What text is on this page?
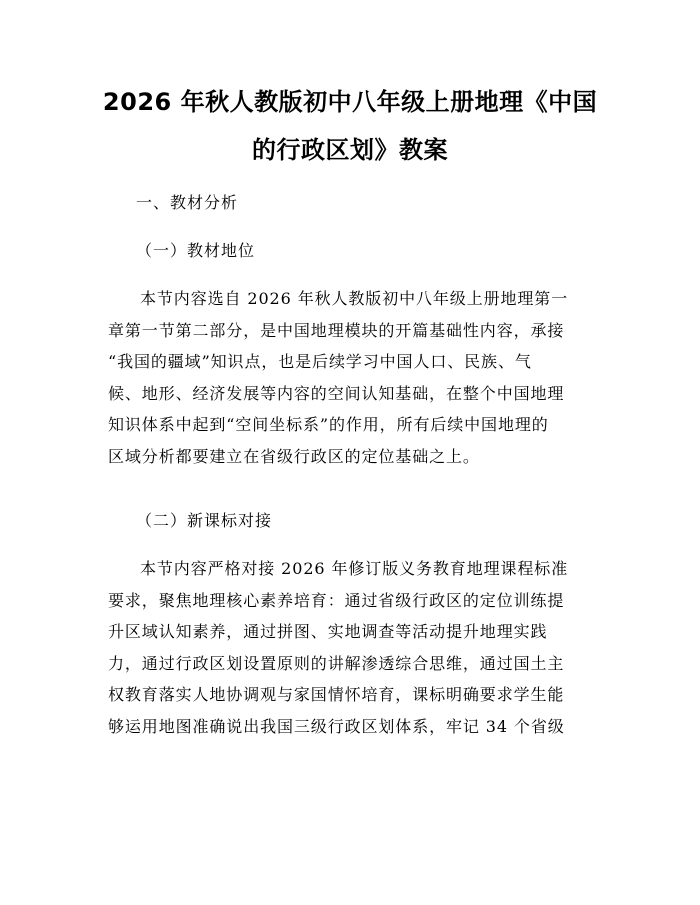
2026 年秋人教版初中八年级上册地理《中国
的行政区划》教案

一、教材分析

（一）教材地位

本节内容选自 2026 年秋人教版初中八年级上册地理第一
章第一节第二部分，是中国地理模块的开篇基础性内容，承接
“我国的疆域”知识点，也是后续学习中国人口、民族、气
候、地形、经济发展等内容的空间认知基础，在整个中国地理
知识体系中起到“空间坐标系”的作用，所有后续中国地理的
区域分析都要建立在省级行政区的定位基础之上。

（二）新课标对接

本节内容严格对接 2026 年修订版义务教育地理课程标准
要求，聚焦地理核心素养培育：通过省级行政区的定位训练提
升区域认知素养，通过拼图、实地调查等活动提升地理实践
力，通过行政区划设置原则的讲解渗透综合思维，通过国土主
权教育落实人地协调观与家国情怀培育，课标明确要求学生能
够运用地图准确说出我国三级行政区划体系，牢记 34 个省级
